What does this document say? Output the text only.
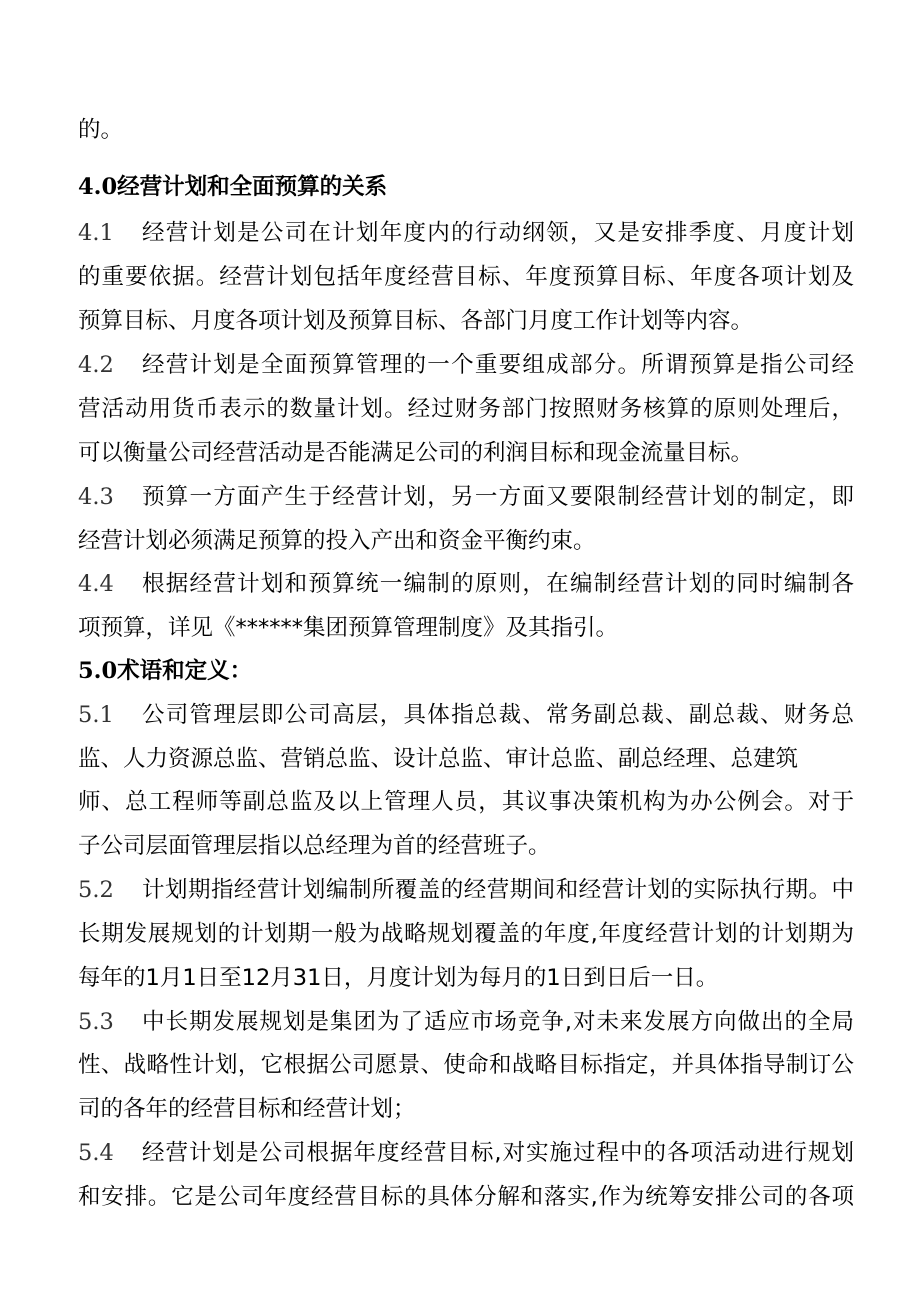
的。
4.0经营计划和全面预算的关系
4.1	经营计划是公司在计划年度内的行动纲领，又是安排季度、月度计划
的重要依据。经营计划包括年度经营目标、年度预算目标、年度各项计划及
预算目标、月度各项计划及预算目标、各部门月度工作计划等内容。
4.2	经营计划是全面预算管理的一个重要组成部分。所谓预算是指公司经
营活动用货币表示的数量计划。经过财务部门按照财务核算的原则处理后，
可以衡量公司经营活动是否能满足公司的利润目标和现金流量目标。
4.3	预算一方面产生于经营计划，另一方面又要限制经营计划的制定，即
经营计划必须满足预算的投入产出和资金平衡约束。
4.4	根据经营计划和预算统一编制的原则，在编制经营计划的同时编制各
项预算，详见《******集团预算管理制度》及其指引。
5.0术语和定义：
5.1	公司管理层即公司高层，具体指总裁、常务副总裁、副总裁、财务总
监、人力资源总监、营销总监、设计总监、审计总监、副总经理、总建筑
师、总工程师等副总监及以上管理人员，其议事决策机构为办公例会。对于
子公司层面管理层指以总经理为首的经营班子。
5.2	计划期指经营计划编制所覆盖的经营期间和经营计划的实际执行期。中
长期发展规划的计划期一般为战略规划覆盖的年度,年度经营计划的计划期为
每年的1月1日至12月31日，月度计划为每月的1日到日后一日。
5.3	中长期发展规划是集团为了适应市场竞争,对未来发展方向做出的全局
性、战略性计划，它根据公司愿景、使命和战略目标指定，并具体指导制订公
司的各年的经营目标和经营计划；
5.4	经营计划是公司根据年度经营目标,对实施过程中的各项活动进行规划
和安排。它是公司年度经营目标的具体分解和落实,作为统筹安排公司的各项
